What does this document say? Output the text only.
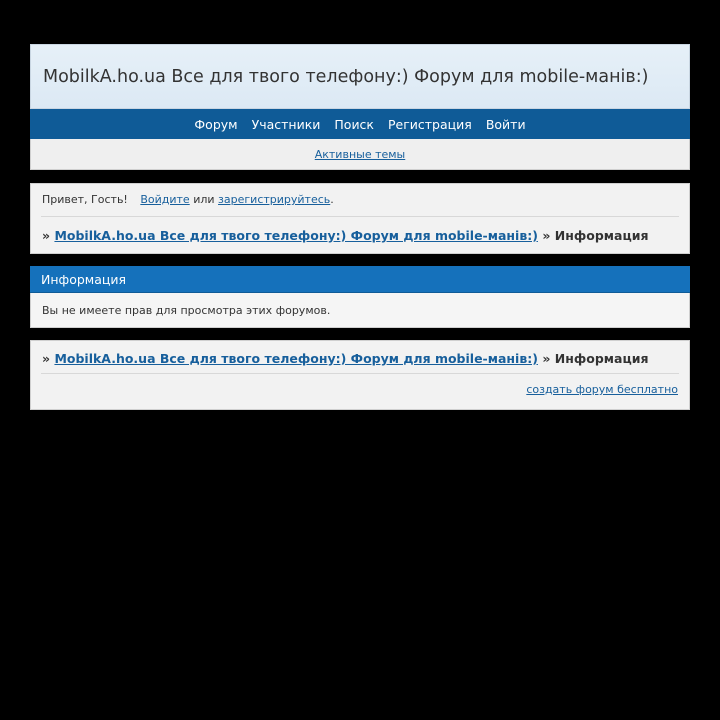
MobilkA.ho.ua Все для твого телефону:) Форум для mobile-манів:)
Форум	Участники	Поиск	Регистрация	Войти
Активные темы
Привет, Гость! Войдите или зарегистрируйтесь.
» MobilkA.ho.ua Все для твого телефону:) Форум для mobile-манів:) » Информация
Информация
Вы не имеете прав для просмотра этих форумов.
» MobilkA.ho.ua Все для твого телефону:) Форум для mobile-манів:) » Информация
создать форум бесплатно
